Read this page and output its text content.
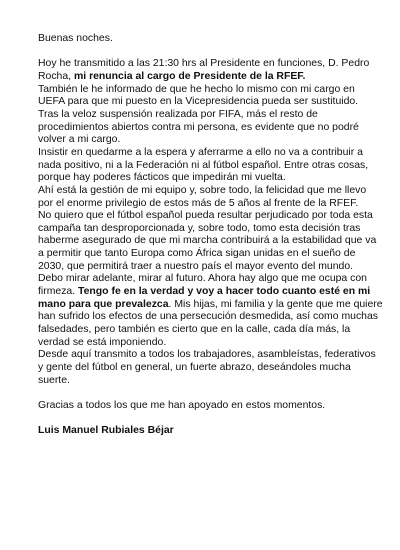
Buenas noches.

Hoy he transmitido a las 21:30 hrs al Presidente en funciones, D. Pedro Rocha, mi renuncia al cargo de Presidente de la RFEF.

También le he informado de que he hecho lo mismo con mi cargo en UEFA para que mi puesto en la Vicepresidencia pueda ser sustituido.

Tras la veloz suspensión realizada por FIFA, más el resto de procedimientos abiertos contra mi persona, es evidente que no podré volver a mi cargo.

Insistir en quedarme a la espera y aferrarme a ello no va a contribuir a nada positivo, ni a la Federación ni al fútbol español. Entre otras cosas, porque hay poderes fácticos que impedirán mi vuelta.

Ahí está la gestión de mi equipo y, sobre todo, la felicidad que me llevo por el enorme privilegio de estos más de 5 años al frente de la RFEF.

No quiero que el fútbol español pueda resultar perjudicado por toda esta campaña tan desproporcionada y, sobre todo, tomo esta decisión tras haberme asegurado de que mi marcha contribuirá a la estabilidad que va a permitir que tanto Europa como África sigan unidas en el sueño de 2030, que permitirá traer a nuestro país el mayor evento del mundo.

Debo mirar adelante, mirar al futuro. Ahora hay algo que me ocupa con firmeza. Tengo fe en la verdad y voy a hacer todo cuanto esté en mi mano para que prevalezca. Mis hijas, mi familia y la gente que me quiere han sufrido los efectos de una persecución desmedida, así como muchas falsedades, pero también es cierto que en la calle, cada día más, la verdad se está imponiendo.

Desde aquí transmito a todos los trabajadores, asambleístas, federativos y gente del fútbol en general, un fuerte abrazo, deseándoles mucha suerte.

Gracias a todos los que me han apoyado en estos momentos.

Luis Manuel Rubiales Béjar
